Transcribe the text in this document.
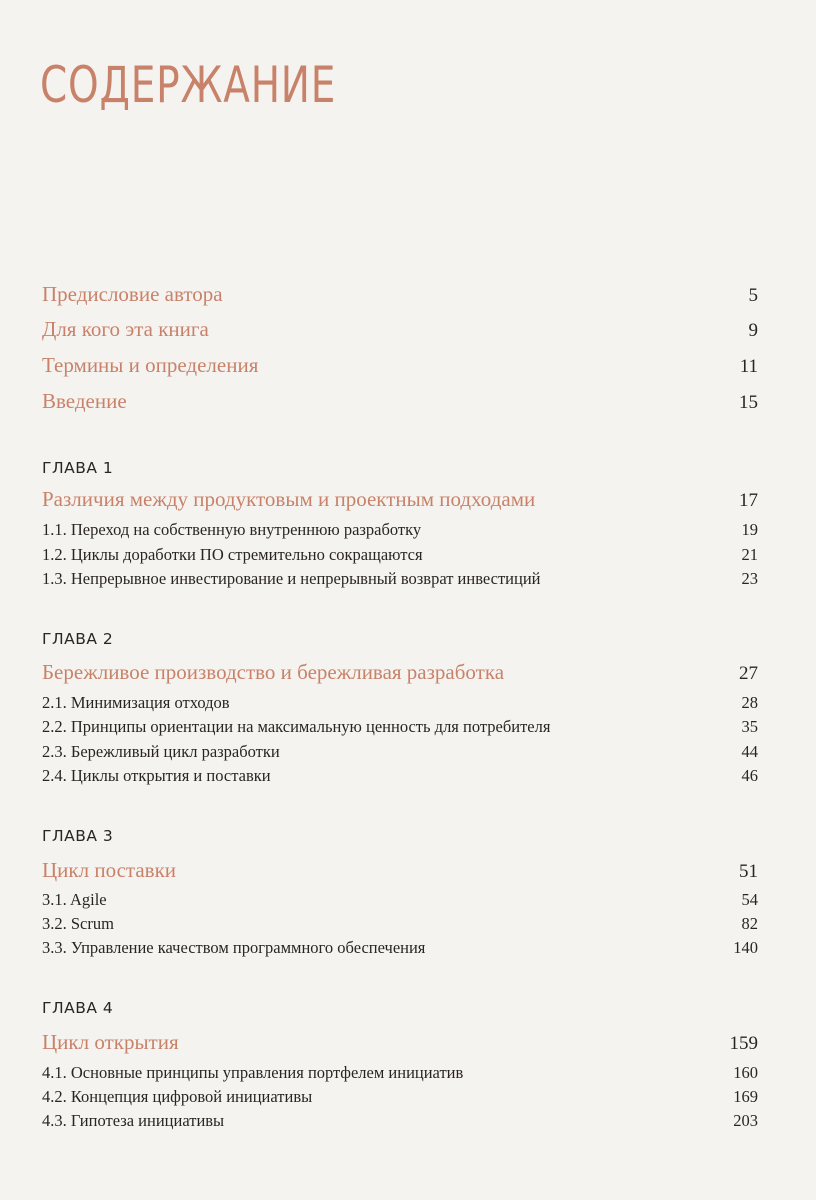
СОДЕРЖАНИЕ
Предисловие автора	5
Для кого эта книга	9
Термины и определения	11
Введение	15
ГЛАВА 1
Различия между продуктовым и проектным подходами	17
1.1. Переход на собственную внутреннюю разработку	19
1.2. Циклы доработки ПО стремительно сокращаются	21
1.3. Непрерывное инвестирование и непрерывный возврат инвестиций	23
ГЛАВА 2
Бережливое производство и бережливая разработка	27
2.1. Минимизация отходов	28
2.2. Принципы ориентации на максимальную ценность для потребителя	35
2.3. Бережливый цикл разработки	44
2.4. Циклы открытия и поставки	46
ГЛАВА 3
Цикл поставки	51
3.1. Agile	54
3.2. Scrum	82
3.3. Управление качеством программного обеспечения	140
ГЛАВА 4
Цикл открытия	159
4.1. Основные принципы управления портфелем инициатив	160
4.2. Концепция цифровой инициативы	169
4.3. Гипотеза инициативы	203
